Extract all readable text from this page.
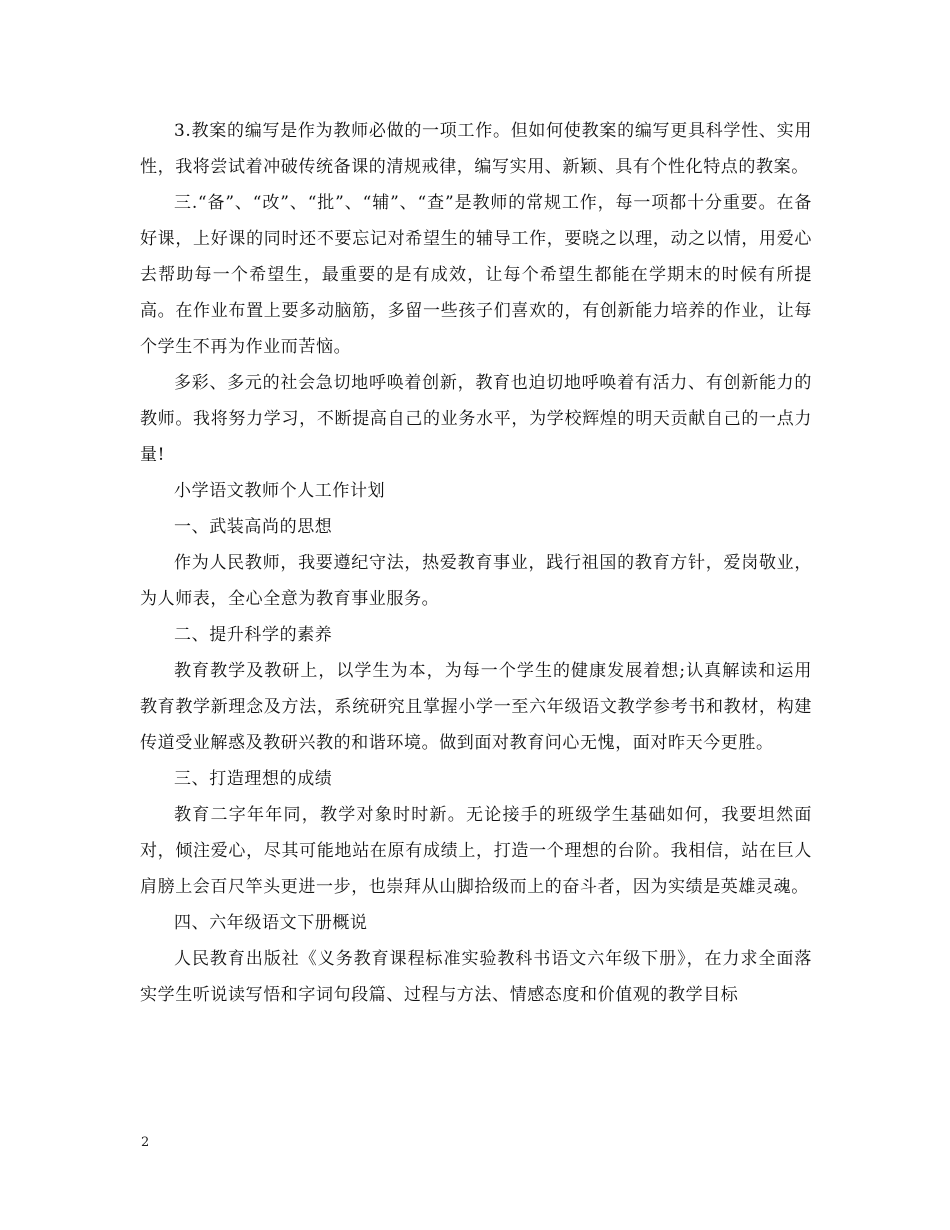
3.教案的编写是作为教师必做的一项工作。但如何使教案的编写更具科学性、实用性，我将尝试着冲破传统备课的清规戒律，编写实用、新颖、具有个性化特点的教案。

三.“备”、“改”、“批”、“辅”、“查”是教师的常规工作，每一项都十分重要。在备好课，上好课的同时还不要忘记对希望生的辅导工作，要晓之以理，动之以情，用爱心去帮助每一个希望生，最重要的是有成效，让每个希望生都能在学期末的时候有所提高。在作业布置上要多动脑筋，多留一些孩子们喜欢的，有创新能力培养的作业，让每个学生不再为作业而苦恼。

多彩、多元的社会急切地呼唤着创新，教育也迫切地呼唤着有活力、有创新能力的教师。我将努力学习，不断提高自己的业务水平，为学校辉煌的明天贡献自己的一点力量!

小学语文教师个人工作计划

一、武装高尚的思想

作为人民教师，我要遵纪守法，热爱教育事业，践行祖国的教育方针，爱岗敬业，为人师表，全心全意为教育事业服务。

二、提升科学的素养

教育教学及教研上，以学生为本，为每一个学生的健康发展着想;认真解读和运用教育教学新理念及方法，系统研究且掌握小学一至六年级语文教学参考书和教材，构建传道受业解惑及教研兴教的和谐环境。做到面对教育问心无愧，面对昨天今更胜。

三、打造理想的成绩

教育二字年年同，教学对象时时新。无论接手的班级学生基础如何，我要坦然面对，倾注爱心，尽其可能地站在原有成绩上，打造一个理想的台阶。我相信，站在巨人肩膀上会百尺竿头更进一步，也崇拜从山脚拾级而上的奋斗者，因为实绩是英雄灵魂。

四、六年级语文下册概说

人民教育出版社《义务教育课程标准实验教科书语文六年级下册》，在力求全面落实学生听说读写悟和字词句段篇、过程与方法、情感态度和价值观的教学目标

2
